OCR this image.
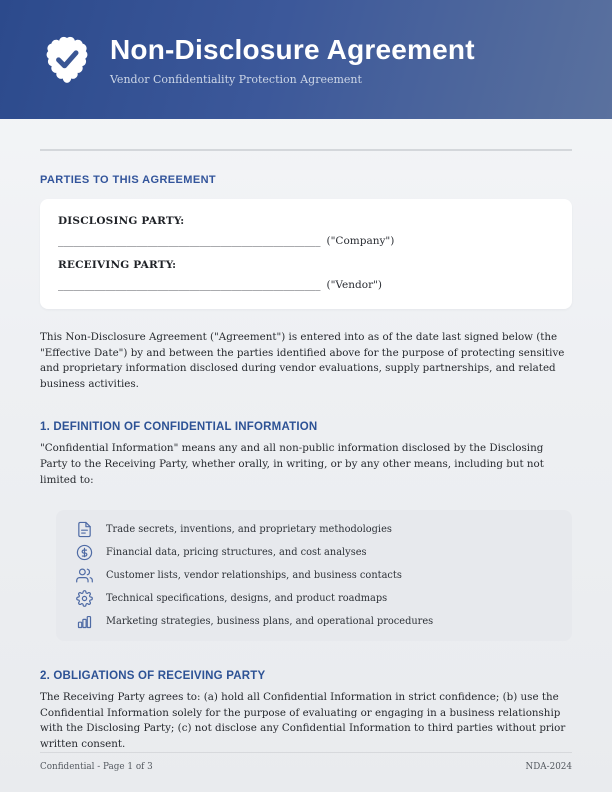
Non-Disclosure Agreement
Vendor Confidentiality Protection Agreement
PARTIES TO THIS AGREEMENT
DISCLOSING PARTY:
__________________________________________________ ("Company")
RECEIVING PARTY:
__________________________________________________ ("Vendor")

This Non-Disclosure Agreement ("Agreement") is entered into as of the date last signed below (the "Effective Date") by and between the parties identified above for the purpose of protecting sensitive and proprietary information disclosed during vendor evaluations, supply partnerships, and related business activities.

1. DEFINITION OF CONFIDENTIAL INFORMATION

"Confidential Information" means any and all non-public information disclosed by the Disclosing Party to the Receiving Party, whether orally, in writing, or by any other means, including but not limited to:

Trade secrets, inventions, and proprietary methodologies
Financial data, pricing structures, and cost analyses
Customer lists, vendor relationships, and business contacts
Technical specifications, designs, and product roadmaps
Marketing strategies, business plans, and operational procedures
2. OBLIGATIONS OF RECEIVING PARTY

The Receiving Party agrees to: (a) hold all Confidential Information in strict confidence; (b) use the Confidential Information solely for the purpose of evaluating or engaging in a business relationship with the Disclosing Party; (c) not disclose any Confidential Information to third parties without prior written consent.

Confidential - Page 1 of 3	NDA-2024
